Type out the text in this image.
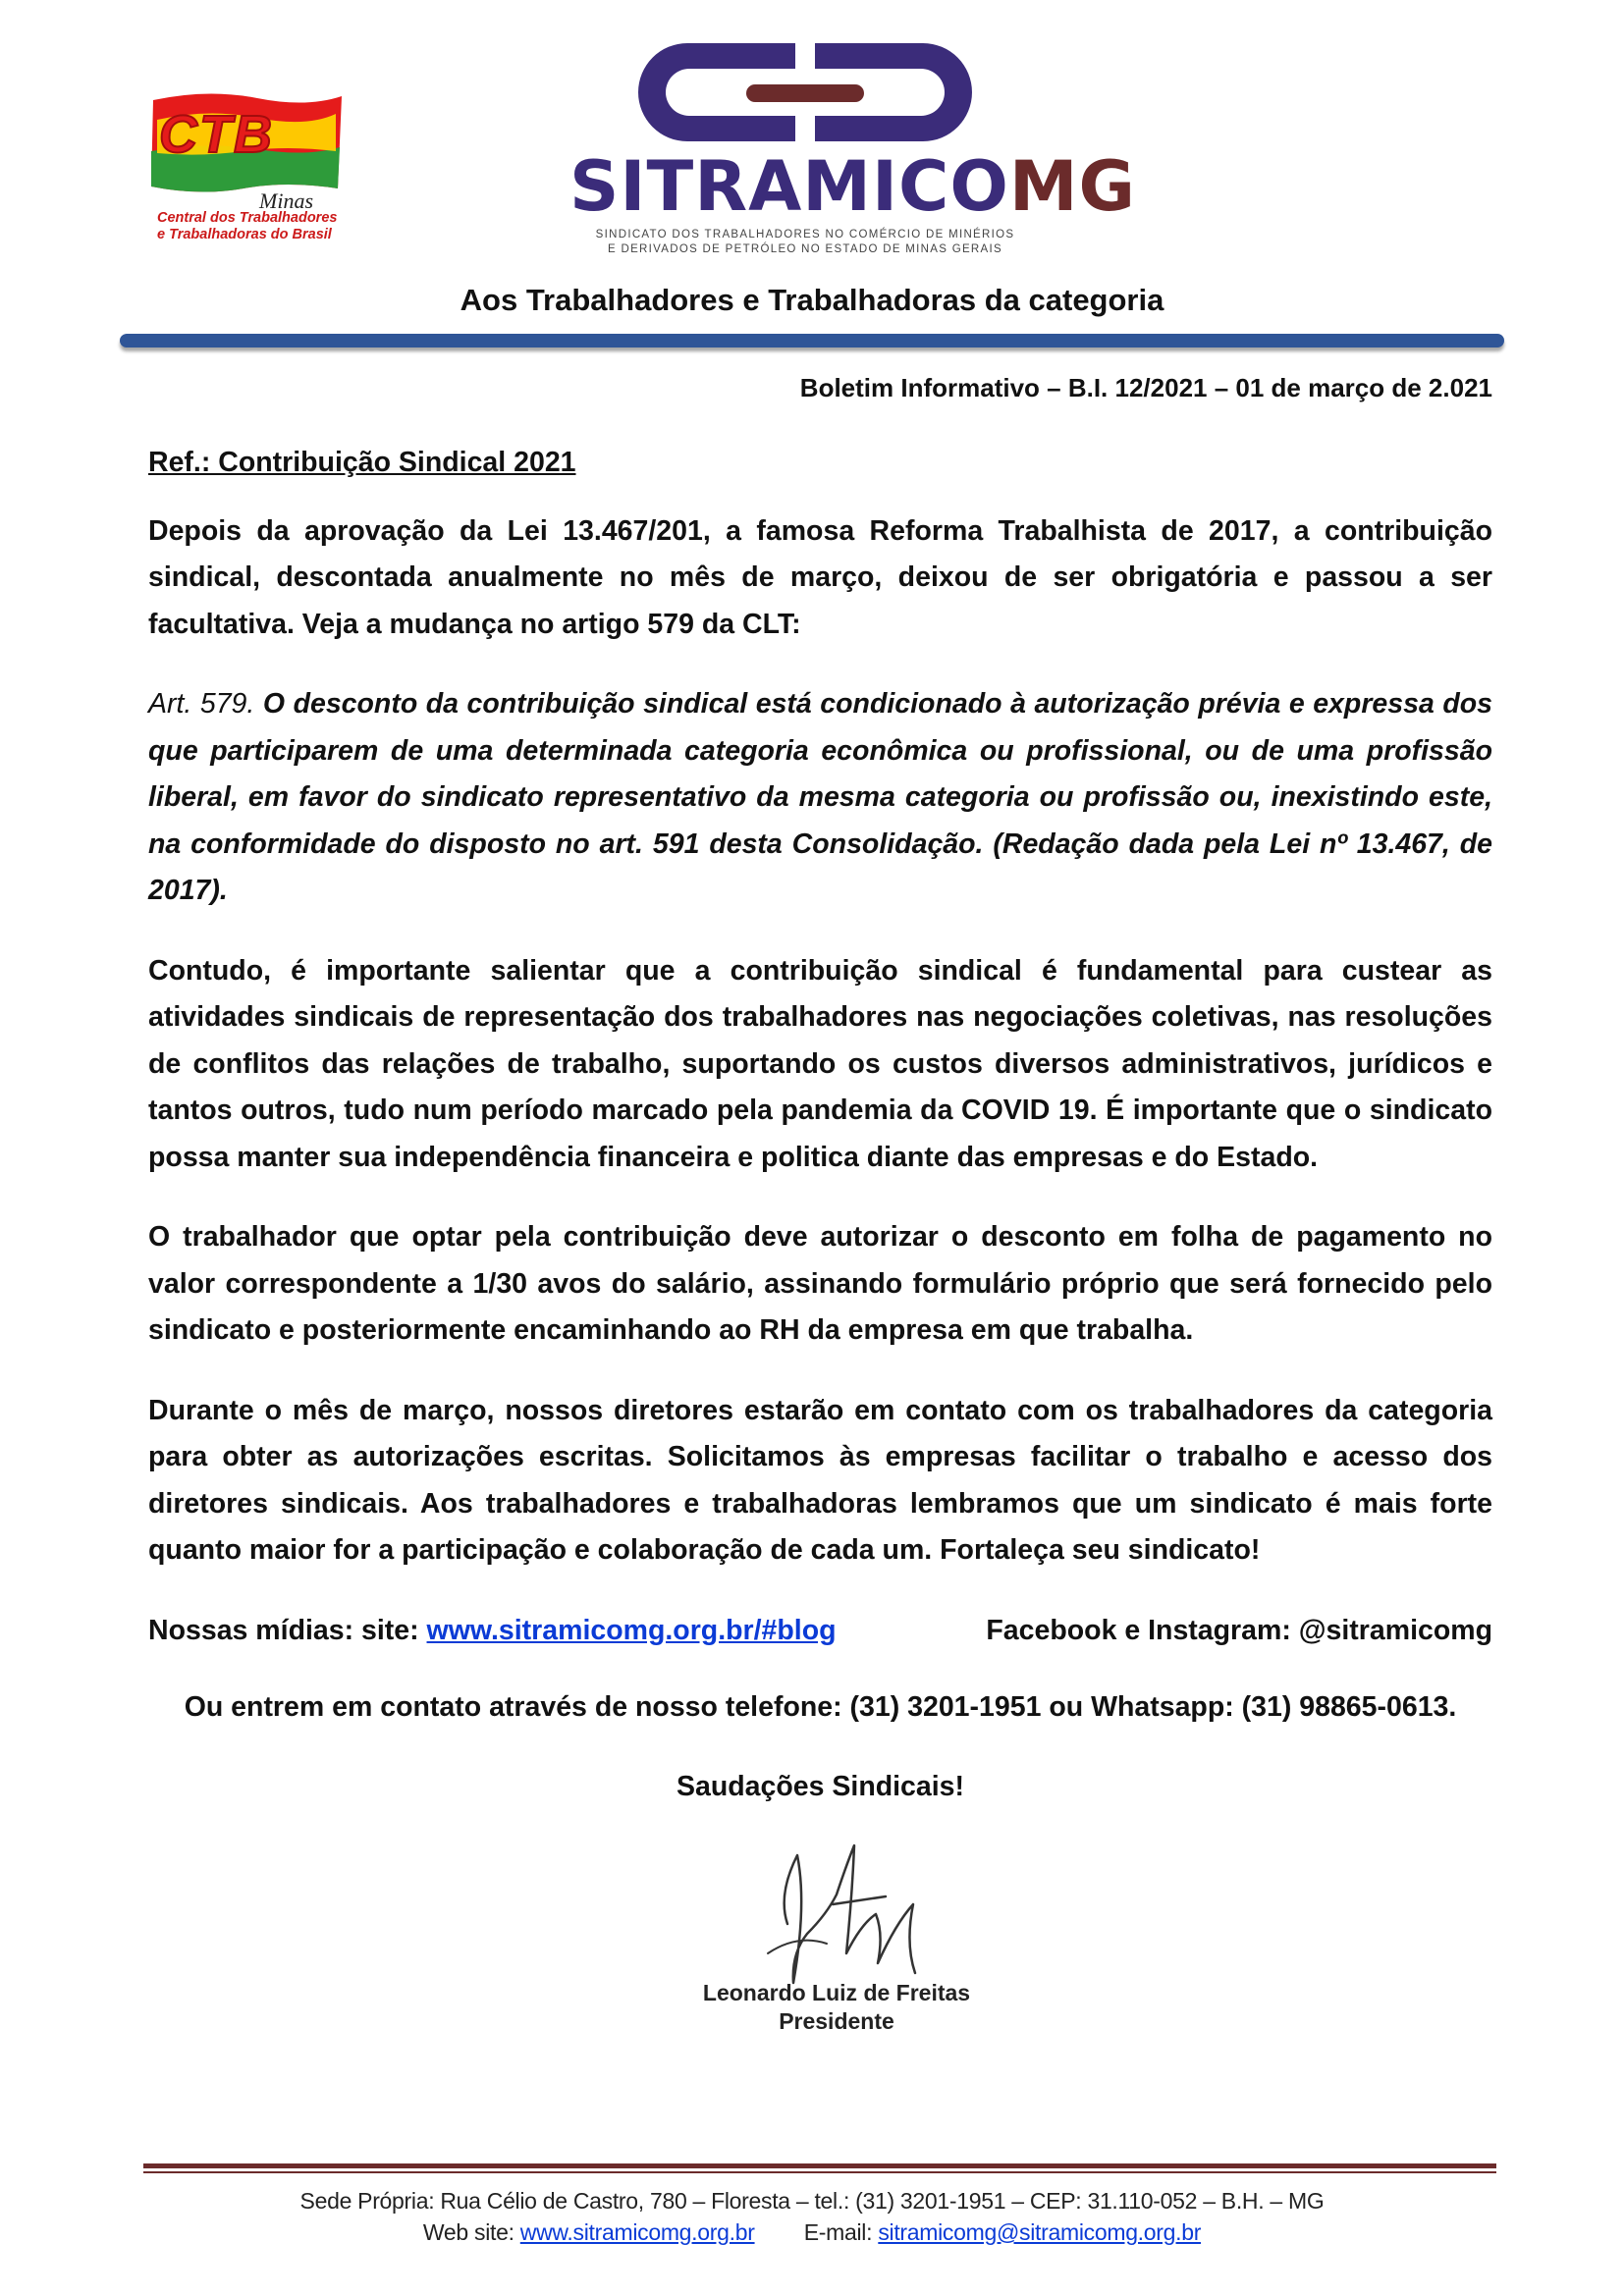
CTB
Minas
Central dos Trabalhadores
e Trabalhadoras do Brasil
SITRAMICOMG
SINDICATO DOS TRABALHADORES NO COMÉRCIO DE MINÉRIOS
E DERIVADOS DE PETRÓLEO NO ESTADO DE MINAS GERAIS
Aos Trabalhadores e Trabalhadoras da categoria
Boletim Informativo – B.I. 12/2021 – 01 de março de 2.021
Ref.: Contribuição Sindical 2021

Depois da aprovação da Lei 13.467/201, a famosa Reforma Trabalhista de 2017, a contribuição sindical, descontada anualmente no mês de março, deixou de ser obrigatória e passou a ser facultativa. Veja a mudança no artigo 579 da CLT:

Art. 579. O desconto da contribuição sindical está condicionado à autorização prévia e expressa dos que participarem de uma determinada categoria econômica ou profissional, ou de uma profissão liberal, em favor do sindicato representativo da mesma categoria ou profissão ou, inexistindo este, na conformidade do disposto no art. 591 desta Consolidação. (Redação dada pela Lei nº 13.467, de 2017).

Contudo, é importante salientar que a contribuição sindical é fundamental para custear as atividades sindicais de representação dos trabalhadores nas negociações coletivas, nas resoluções de conflitos das relações de trabalho, suportando os custos diversos administrativos, jurídicos e tantos outros, tudo num período marcado pela pandemia da COVID 19. É importante que o sindicato possa manter sua independência financeira e politica diante das empresas e do Estado.

O trabalhador que optar pela contribuição deve autorizar o desconto em folha de pagamento no valor correspondente a 1/30 avos do salário, assinando formulário próprio que será fornecido pelo sindicato e posteriormente encaminhando ao RH da empresa em que trabalha.

Durante o mês de março, nossos diretores estarão em contato com os trabalhadores da categoria para obter as autorizações escritas. Solicitamos às empresas facilitar o trabalho e acesso dos diretores sindicais. Aos trabalhadores e trabalhadoras lembramos que um sindicato é mais forte quanto maior for a participação e colaboração de cada um. Fortaleça seu sindicato!

Nossas mídias: site: www.sitramicomg.org.br/#blog	Facebook e Instagram: @sitramicomg
Ou entrem em contato através de nosso telefone: (31) 3201-1951 ou Whatsapp: (31) 98865-0613.
Saudações Sindicais!
Leonardo Luiz de Freitas
Presidente
Sede Própria: Rua Célio de Castro, 780 – Floresta – tel.: (31) 3201-1951 – CEP: 31.110-052 – B.H. – MG
Web site: www.sitramicomg.org.br E-mail: sitramicomg@sitramicomg.org.br
